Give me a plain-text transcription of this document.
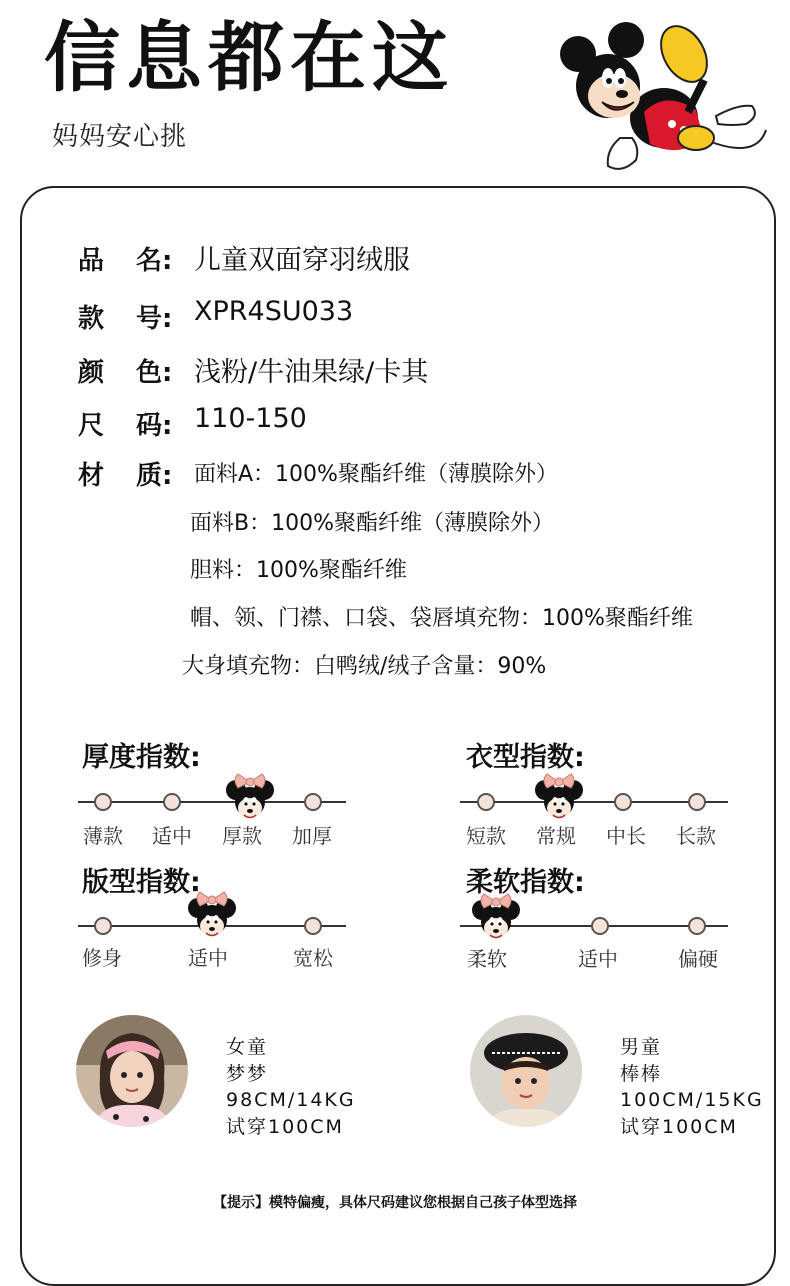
信息都在这
妈妈安心挑
品 名: 儿童双面穿羽绒服
款 号: XPR4SU033
颜 色: 浅粉/牛油果绿/卡其
尺 码: 110-150
材 质: 面料A：100%聚酯纤维（薄膜除外）
面料B：100%聚酯纤维（薄膜除外）
胆料：100%聚酯纤维
帽、领、门襟、口袋、袋唇填充物：100%聚酯纤维
大身填充物：白鸭绒/绒子含量：90%
厚度指数:
薄款 适中 厚款 加厚
衣型指数:
短款 常规 中长 长款
版型指数:
修身	适中	宽松
柔软指数:
柔软	适中	偏硬
女童
梦梦
98CM/14KG
试穿100CM
男童
棒棒
100CM/15KG
试穿100CM
【提示】模特偏瘦，具体尺码建议您根据自己孩子体型选择
